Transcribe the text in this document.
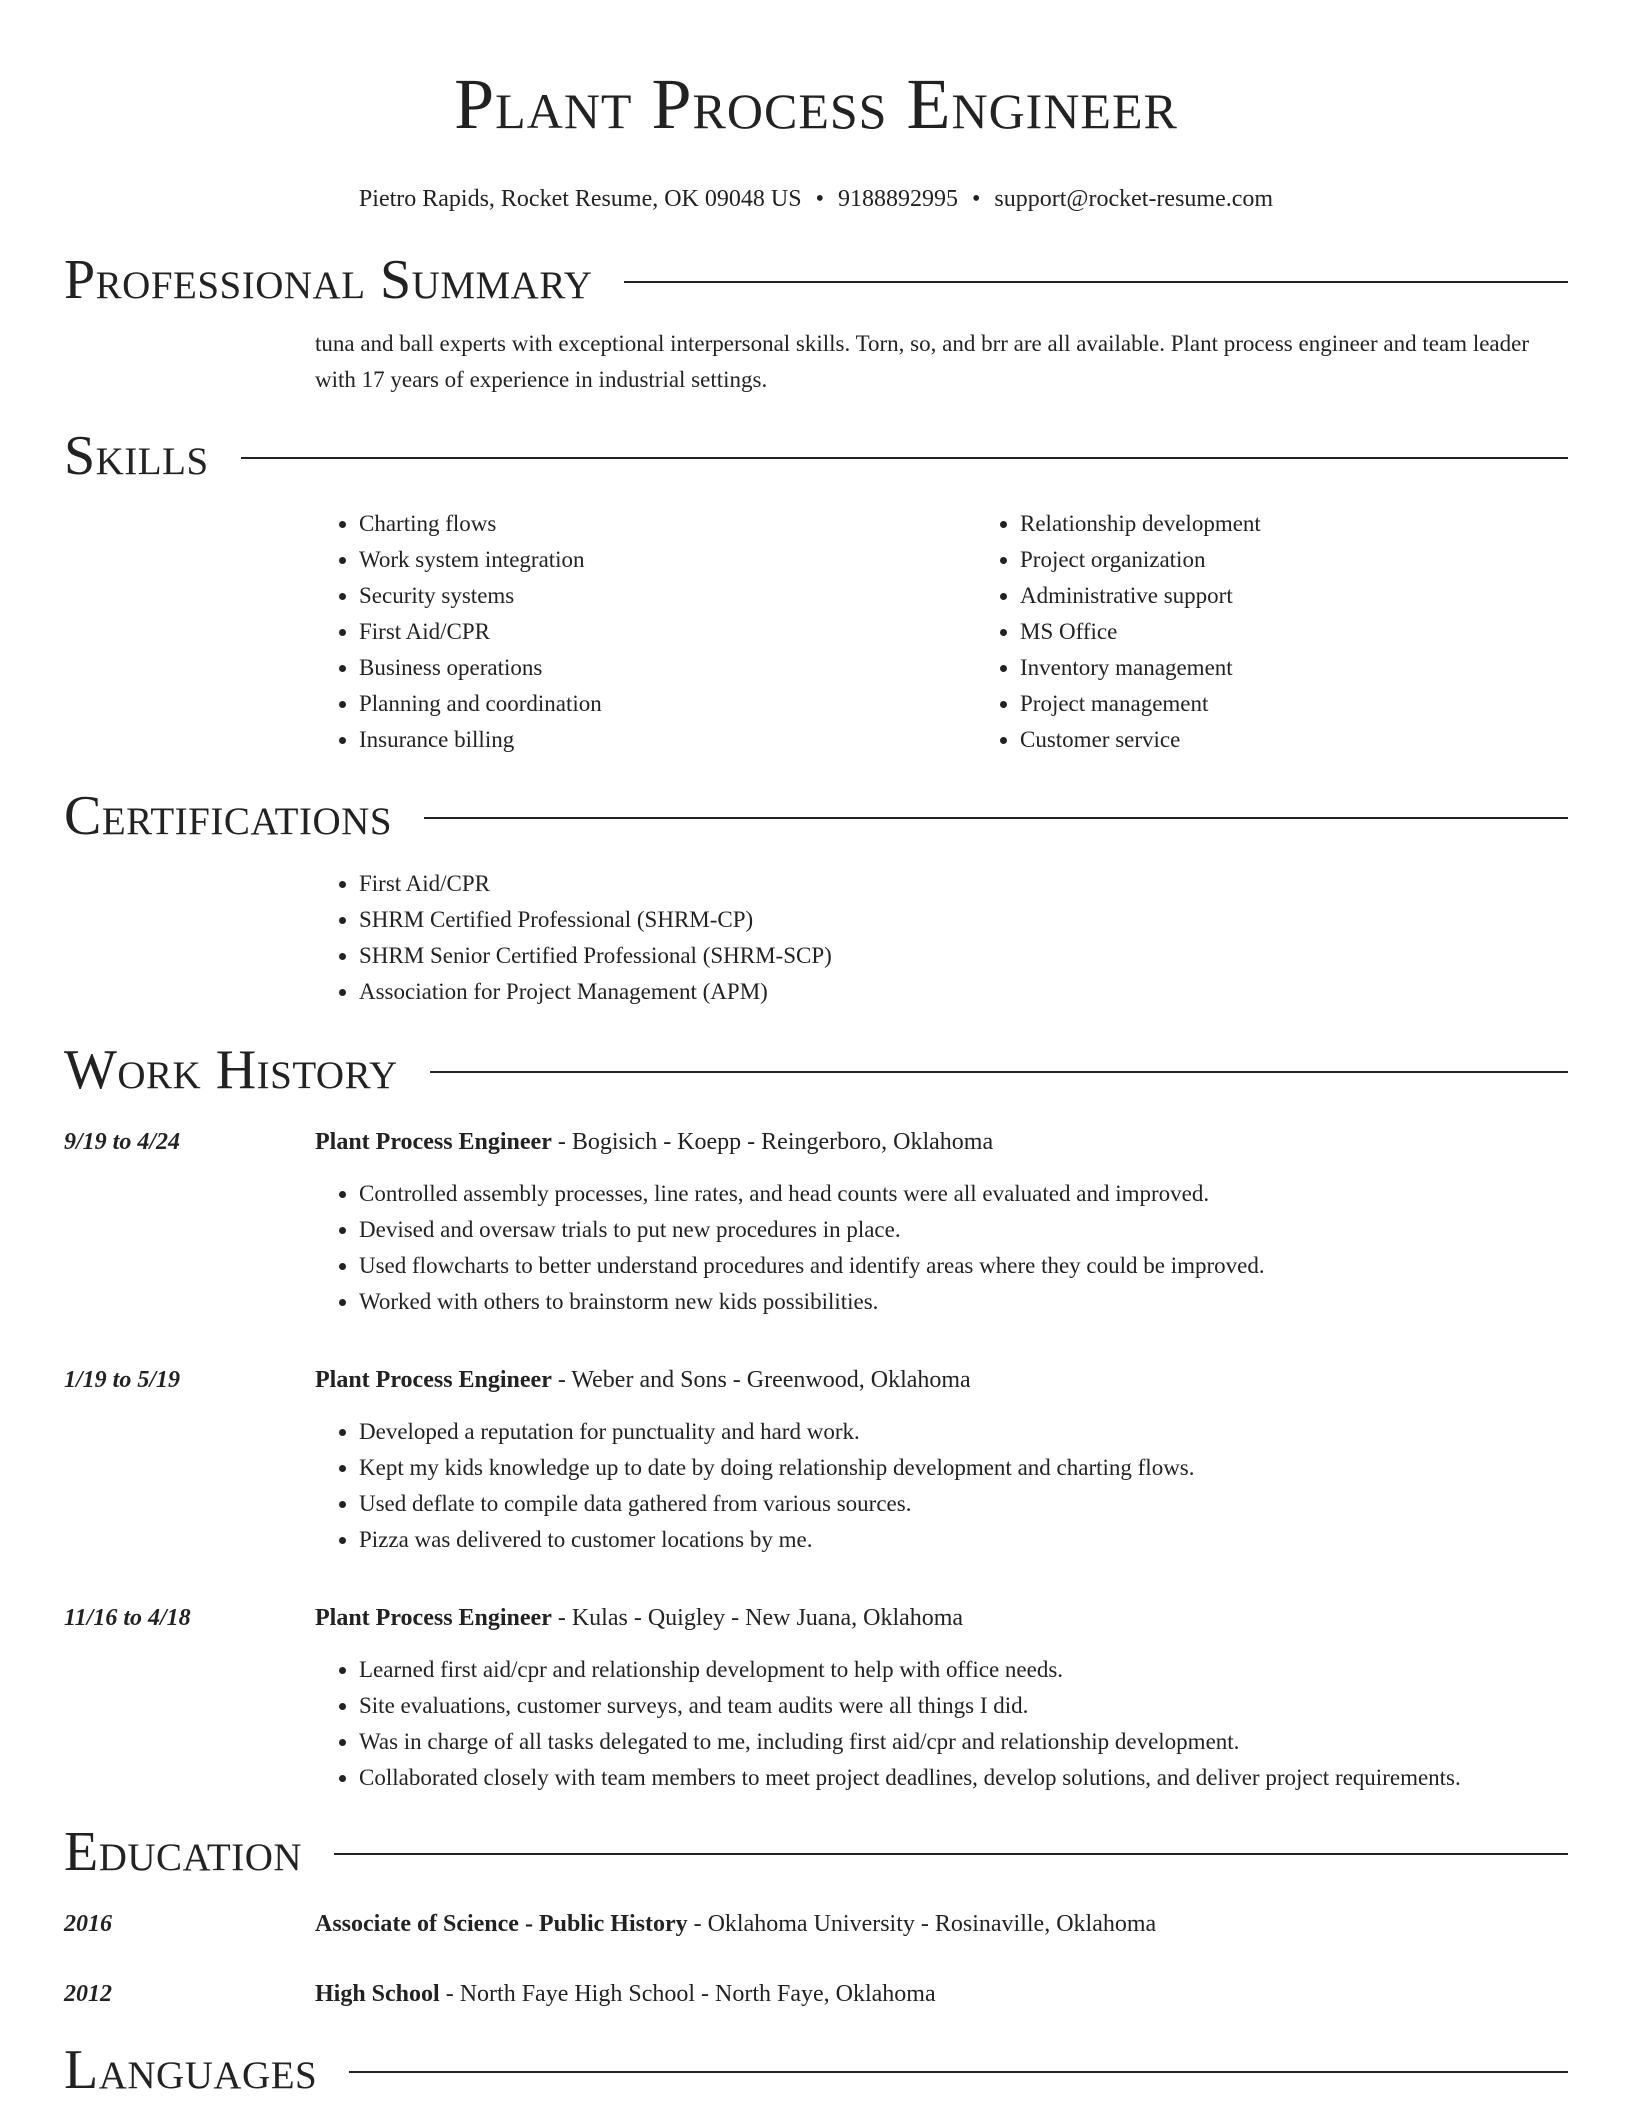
Plant Process Engineer
Pietro Rapids, Rocket Resume, OK 09048 US • 9188892995 • support@rocket-resume.com
Professional Summary
tuna and ball experts with exceptional interpersonal skills. Torn, so, and brr are all available. Plant process engineer and team leader with 17 years of experience in industrial settings.
Skills
• Charting flows
• Work system integration
• Security systems
• First Aid/CPR
• Business operations
• Planning and coordination
• Insurance billing
• Relationship development
• Project organization
• Administrative support
• MS Office
• Inventory management
• Project management
• Customer service
Certifications
• First Aid/CPR
• SHRM Certified Professional (SHRM-CP)
• SHRM Senior Certified Professional (SHRM-SCP)
• Association for Project Management (APM)
Work History
9/19 to 4/24	Plant Process Engineer - Bogisich - Koepp - Reingerboro, Oklahoma
• Controlled assembly processes, line rates, and head counts were all evaluated and improved.
• Devised and oversaw trials to put new procedures in place.
• Used flowcharts to better understand procedures and identify areas where they could be improved.
• Worked with others to brainstorm new kids possibilities.
1/19 to 5/19	Plant Process Engineer - Weber and Sons - Greenwood, Oklahoma
• Developed a reputation for punctuality and hard work.
• Kept my kids knowledge up to date by doing relationship development and charting flows.
• Used deflate to compile data gathered from various sources.
• Pizza was delivered to customer locations by me.
11/16 to 4/18	Plant Process Engineer - Kulas - Quigley - New Juana, Oklahoma
• Learned first aid/cpr and relationship development to help with office needs.
• Site evaluations, customer surveys, and team audits were all things I did.
• Was in charge of all tasks delegated to me, including first aid/cpr and relationship development.
• Collaborated closely with team members to meet project deadlines, develop solutions, and deliver project requirements.
Education
2016	Associate of Science - Public History - Oklahoma University - Rosinaville, Oklahoma
2012	High School - North Faye High School - North Faye, Oklahoma
Languages
